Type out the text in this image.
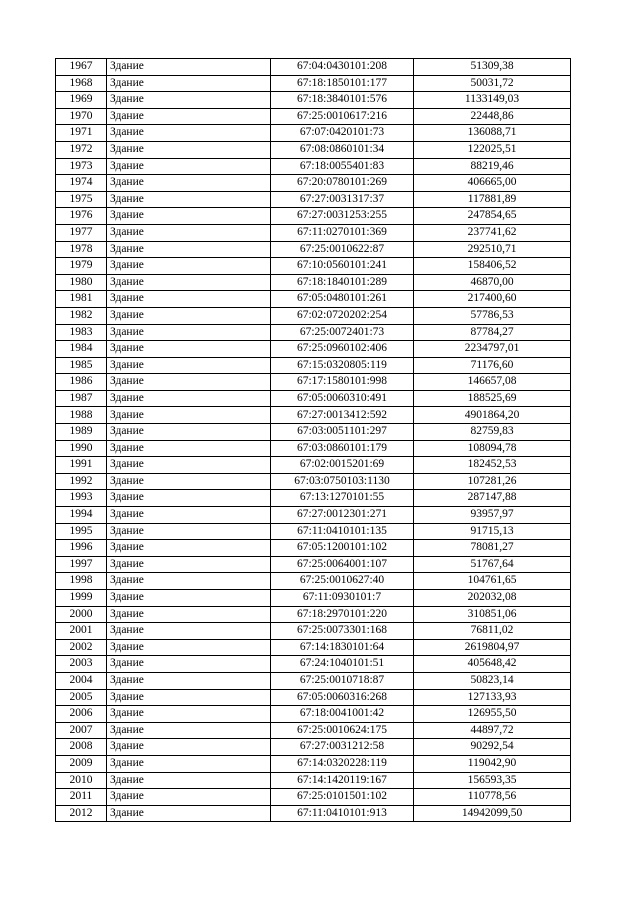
1967	Здание	67:04:0430101:208	51309,38
1968	Здание	67:18:1850101:177	50031,72
1969	Здание	67:18:3840101:576	1133149,03
1970	Здание	67:25:0010617:216	22448,86
1971	Здание	67:07:0420101:73	136088,71
1972	Здание	67:08:0860101:34	122025,51
1973	Здание	67:18:0055401:83	88219,46
1974	Здание	67:20:0780101:269	406665,00
1975	Здание	67:27:0031317:37	117881,89
1976	Здание	67:27:0031253:255	247854,65
1977	Здание	67:11:0270101:369	237741,62
1978	Здание	67:25:0010622:87	292510,71
1979	Здание	67:10:0560101:241	158406,52
1980	Здание	67:18:1840101:289	46870,00
1981	Здание	67:05:0480101:261	217400,60
1982	Здание	67:02:0720202:254	57786,53
1983	Здание	67:25:0072401:73	87784,27
1984	Здание	67:25:0960102:406	2234797,01
1985	Здание	67:15:0320805:119	71176,60
1986	Здание	67:17:1580101:998	146657,08
1987	Здание	67:05:0060310:491	188525,69
1988	Здание	67:27:0013412:592	4901864,20
1989	Здание	67:03:0051101:297	82759,83
1990	Здание	67:03:0860101:179	108094,78
1991	Здание	67:02:0015201:69	182452,53
1992	Здание	67:03:0750103:1130	107281,26
1993	Здание	67:13:1270101:55	287147,88
1994	Здание	67:27:0012301:271	93957,97
1995	Здание	67:11:0410101:135	91715,13
1996	Здание	67:05:1200101:102	78081,27
1997	Здание	67:25:0064001:107	51767,64
1998	Здание	67:25:0010627:40	104761,65
1999	Здание	67:11:0930101:7	202032,08
2000	Здание	67:18:2970101:220	310851,06
2001	Здание	67:25:0073301:168	76811,02
2002	Здание	67:14:1830101:64	2619804,97
2003	Здание	67:24:1040101:51	405648,42
2004	Здание	67:25:0010718:87	50823,14
2005	Здание	67:05:0060316:268	127133,93
2006	Здание	67:18:0041001:42	126955,50
2007	Здание	67:25:0010624:175	44897,72
2008	Здание	67:27:0031212:58	90292,54
2009	Здание	67:14:0320228:119	119042,90
2010	Здание	67:14:1420119:167	156593,35
2011	Здание	67:25:0101501:102	110778,56
2012	Здание	67:11:0410101:913	14942099,50
